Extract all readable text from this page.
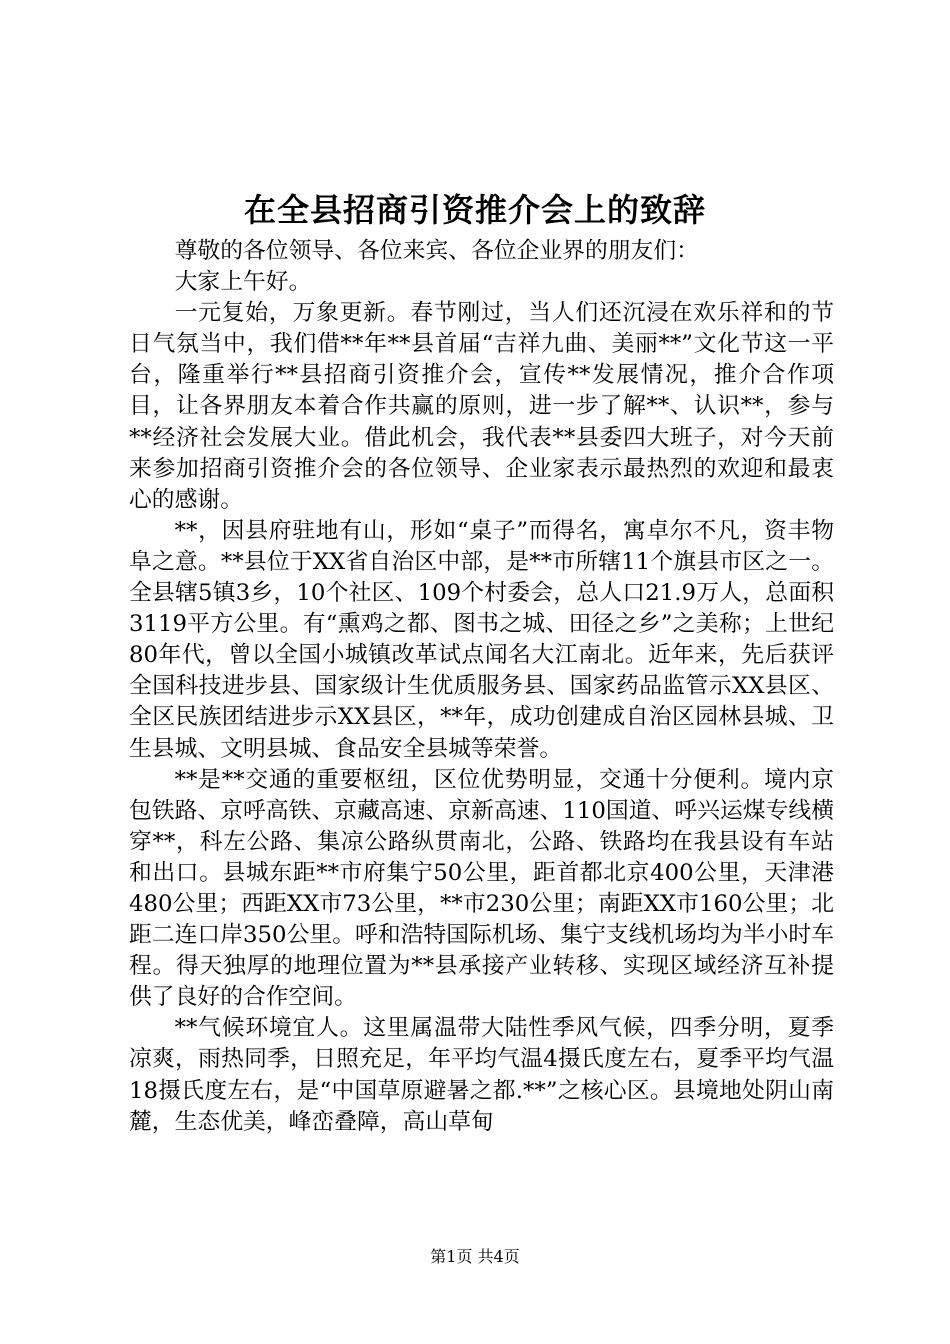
在全县招商引资推介会上的致辞

尊敬的各位领导、各位来宾、各位企业界的朋友们：

大家上午好。

一元复始，万象更新。春节刚过，当人们还沉浸在欢乐祥和的节日气氛当中，我们借**年**县首届“吉祥九曲、美丽**”文化节这一平台，隆重举行**县招商引资推介会，宣传**发展情况，推介合作项目，让各界朋友本着合作共赢的原则，进一步了解**、认识**，参与**经济社会发展大业。借此机会，我代表**县委四大班子，对今天前来参加招商引资推介会的各位领导、企业家表示最热烈的欢迎和最衷心的感谢。

**，因县府驻地有山，形如“桌子”而得名，寓卓尔不凡，资丰物阜之意。**县位于XX省自治区中部，是**市所辖11个旗县市区之一。全县辖5镇3乡，10个社区、109个村委会，总人口21.9万人，总面积3119平方公里。有“熏鸡之都、图书之城、田径之乡”之美称；上世纪80年代，曾以全国小城镇改革试点闻名大江南北。近年来，先后获评全国科技进步县、国家级计生优质服务县、国家药品监管示XX县区、全区民族团结进步示XX县区，**年，成功创建成自治区园林县城、卫生县城、文明县城、食品安全县城等荣誉。

**是**交通的重要枢纽，区位优势明显，交通十分便利。境内京包铁路、京呼高铁、京藏高速、京新高速、110国道、呼兴运煤专线横穿**，科左公路、集凉公路纵贯南北，公路、铁路均在我县设有车站和出口。县城东距**市府集宁50公里，距首都北京400公里，天津港480公里；西距XX市73公里，**市230公里；南距XX市160公里；北距二连口岸350公里。呼和浩特国际机场、集宁支线机场均为半小时车程。得天独厚的地理位置为**县承接产业转移、实现区域经济互补提供了良好的合作空间。

**气候环境宜人。这里属温带大陆性季风气候，四季分明，夏季凉爽，雨热同季，日照充足，年平均气温4摄氏度左右，夏季平均气温18摄氏度左右，是“中国草原避暑之都.**”之核心区。县境地处阴山南麓，生态优美，峰峦叠障，高山草甸

第1页 共4页
